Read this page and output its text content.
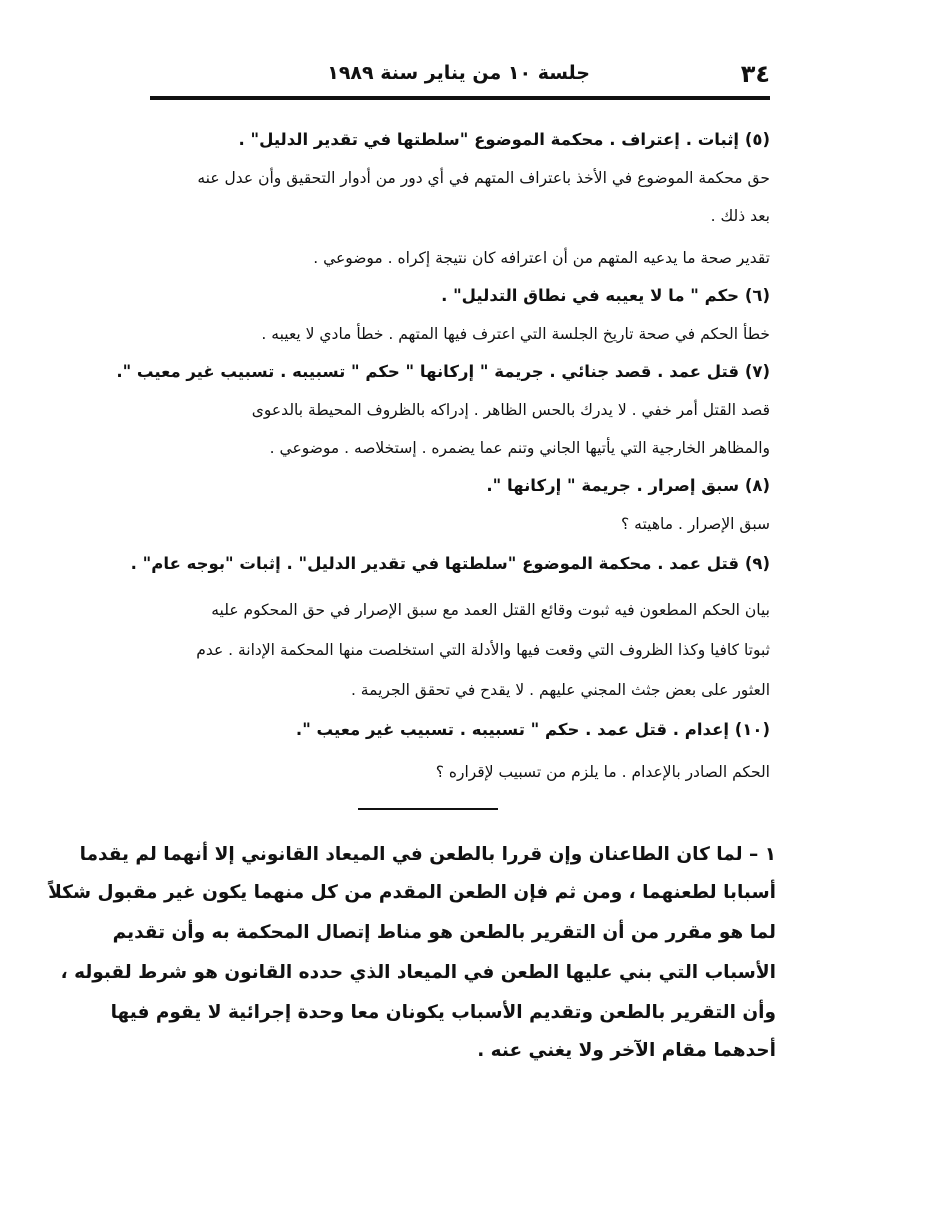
٣٤
جلسة ١٠ من يناير سنة ١٩٨٩
(٥) إثبات . إعتراف . محكمة الموضوع "سلطتها في تقدير الدليل" .
حق محكمة الموضوع في الأخذ باعتراف المتهم في أي دور من أدوار التحقيق وأن عدل عنه
بعد ذلك .
تقدير صحة ما يدعيه المتهم من أن اعترافه كان نتيجة إكراه . موضوعي .
(٦) حكم " ما لا يعيبه في نطاق التدليل" .
خطأ الحكم في صحة تاريخ الجلسة التي اعترف فيها المتهم . خطأ مادي لا يعيبه .
(٧) قتل عمد . قصد جنائي . جريمة " إركانها " حكم " تسبيبه . تسبيب غير معيب ".
قصد القتل أمر خفي . لا يدرك بالحس الظاهر . إدراكه بالظروف المحيطة بالدعوى
والمظاهر الخارجية التي يأتيها الجاني وتنم عما يضمره . إستخلاصه . موضوعي .
(٨) سبق إصرار . جريمة " إركانها ".
سبق الإصرار . ماهيته ؟
(٩) قتل عمد . محكمة الموضوع "سلطتها في تقدير الدليل" . إثبات "بوجه عام" .
بيان الحكم المطعون فيه ثبوت وقائع القتل العمد مع سبق الإصرار في حق المحكوم عليه
ثبوتا كافيا وكذا الظروف التي وقعت فيها والأدلة التي استخلصت منها المحكمة الإدانة . عدم
العثور على بعض جثث المجني عليهم . لا يقدح في تحقق الجريمة .
(١٠) إعدام . قتل عمد . حكم " تسبيبه . تسبيب غير معيب ".
الحكم الصادر بالإعدام . ما يلزم من تسبيب لإقراره ؟
١ – لما كان الطاعنان وإن قررا بالطعن في الميعاد القانوني إلا أنهما لم يقدما
أسبابا لطعنهما ، ومن ثم فإن الطعن المقدم من كل منهما يكون غير مقبول شكلاً
لما هو مقرر من أن التقرير بالطعن هو مناط إتصال المحكمة به وأن تقديم
الأسباب التي بني عليها الطعن في الميعاد الذي حدده القانون هو شرط لقبوله ،
وأن التقرير بالطعن وتقديم الأسباب يكونان معا وحدة إجرائية لا يقوم فيها
أحدهما مقام الآخر ولا يغني عنه .
